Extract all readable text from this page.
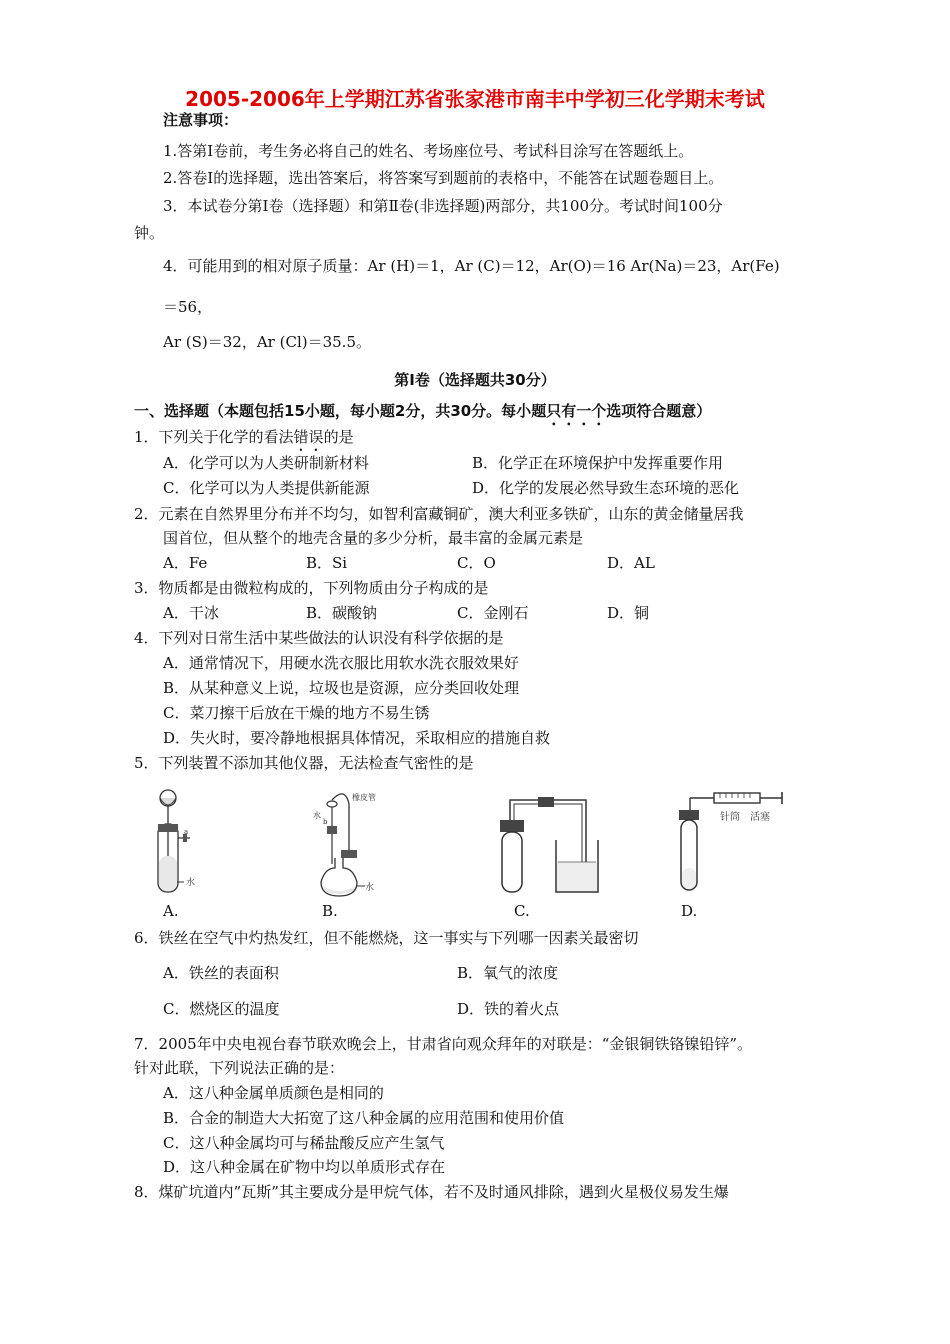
2005-2006年上学期江苏省张家港市南丰中学初三化学期末考试
注意事项：
1.答第Ⅰ卷前，考生务必将自己的姓名、考场座位号、考试科目涂写在答题纸上。
2.答卷Ⅰ的选择题，选出答案后，将答案写到题前的表格中，不能答在试题卷题目上。
3．本试卷分第Ⅰ卷（选择题）和第Ⅱ卷(非选择题)两部分，共100分。考试时间100分
钟。
4．可能用到的相对原子质量：Ar (H)＝1，Ar (C)＝12，Ar(O)＝16 Ar(Na)＝23，Ar(Fe)
＝56，
Ar (S)＝32，Ar (Cl)＝35.5。
第Ⅰ卷（选择题共30分）
一、选择题（本题包括15小题，每小题2分，共30分。每小题只有一个选项符合题意）
1．下列关于化学的看法错误的是
A．化学可以为人类研制新材料	B．化学正在环境保护中发挥重要作用
C．化学可以为人类提供新能源	D．化学的发展必然导致生态环境的恶化
2．元素在自然界里分布并不均匀，如智利富藏铜矿，澳大利亚多铁矿，山东的黄金储量居我
国首位，但从整个的地壳含量的多少分析，最丰富的金属元素是
A．Fe	B．Si	C．O	D．AL
3．物质都是由微粒构成的，下列物质由分子构成的是
A．干冰	B．碳酸钠	C．金刚石	D．铜
4．下列对日常生活中某些做法的认识没有科学依据的是
A．通常情况下，用硬水洗衣服比用软水洗衣服效果好
B．从某种意义上说，垃圾也是资源，应分类回收处理
C．菜刀擦干后放在干燥的地方不易生锈
D．失火时，要冷静地根据具体情况，采取相应的措施自救
5．下列装置不添加其他仪器，无法检查气密性的是
a
水
A.
橡皮管
水
b
水
B.	C.
针筒 活塞
D.
6．铁丝在空气中灼热发红，但不能燃烧，这一事实与下列哪一因素关最密切
A．铁丝的表面积	B．氧气的浓度
C．燃烧区的温度	D．铁的着火点
7．2005年中央电视台春节联欢晚会上，甘肃省向观众拜年的对联是：“金银铜铁铬镍铅锌”。
针对此联，下列说法正确的是：
A．这八种金属单质颜色是相同的
B．合金的制造大大拓宽了这八种金属的应用范围和使用价值
C．这八种金属均可与稀盐酸反应产生氢气
D．这八种金属在矿物中均以单质形式存在
8．煤矿坑道内”瓦斯”其主要成分是甲烷气体，若不及时通风排除，遇到火星极仪易发生爆
